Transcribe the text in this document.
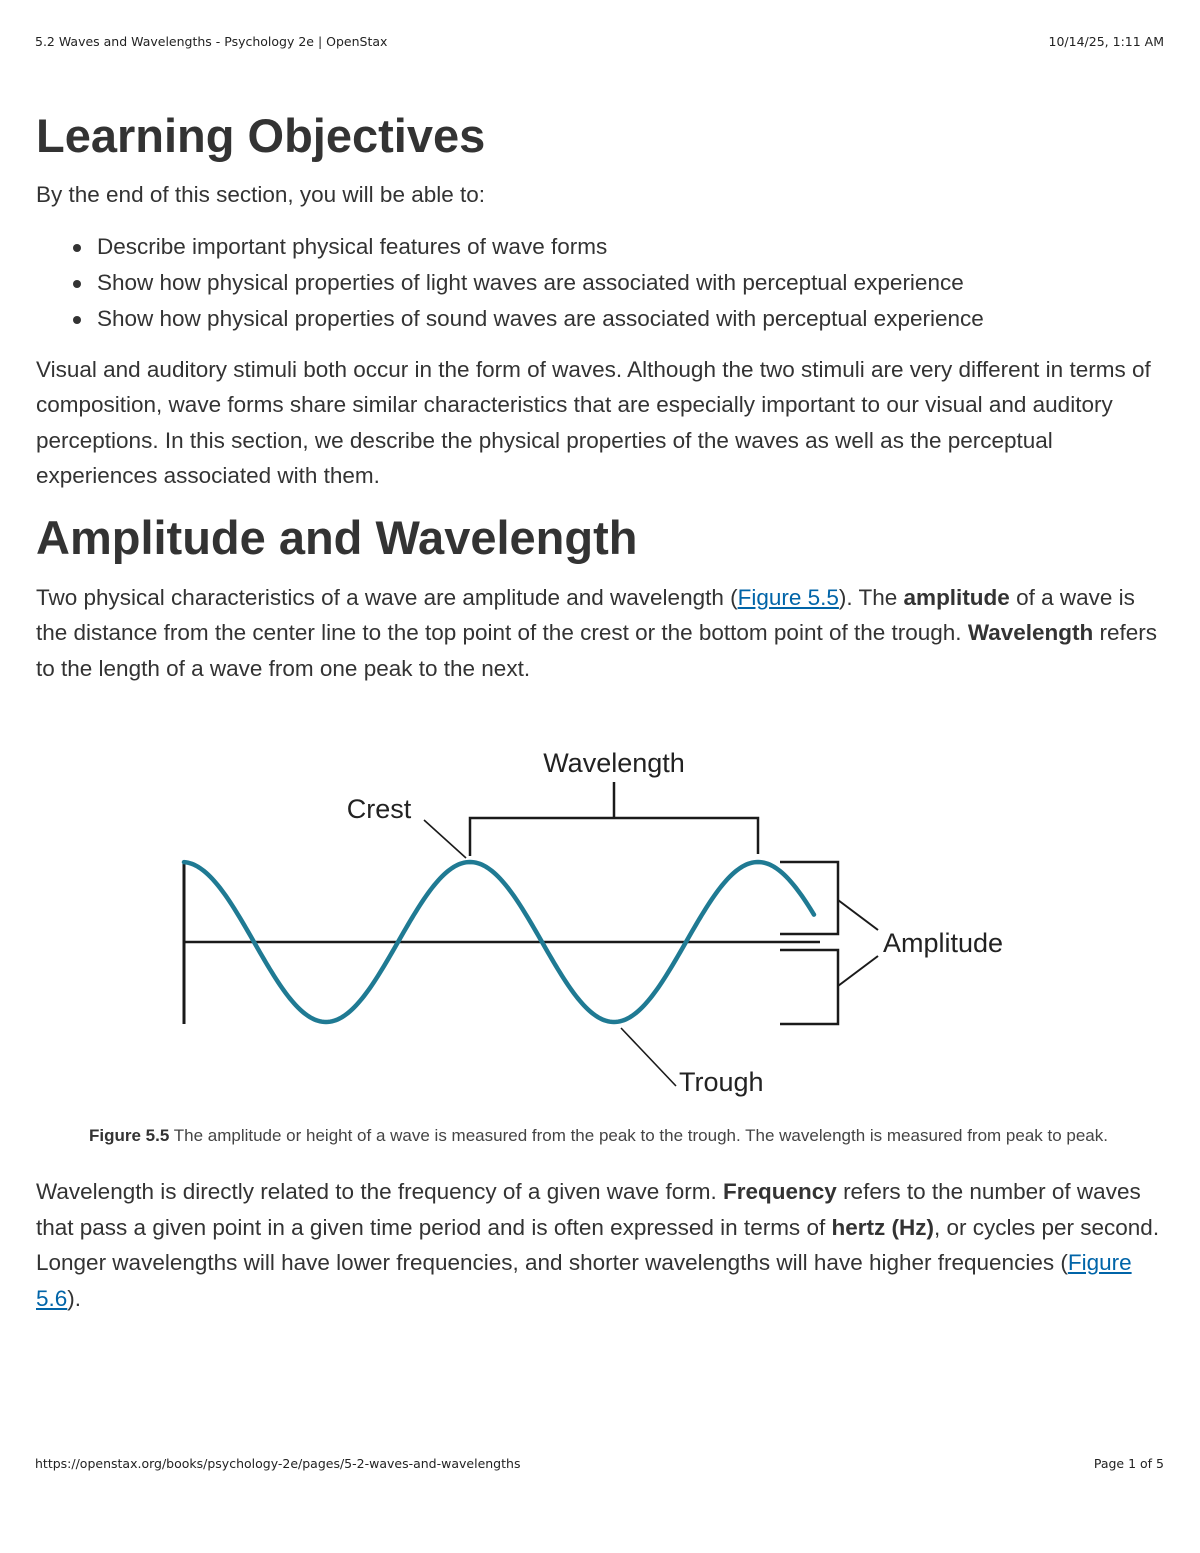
5.2 Waves and Wavelengths - Psychology 2e | OpenStax	10/14/25, 1:11 AM
Learning Objectives

By the end of this section, you will be able to:

Describe important physical features of wave forms
Show how physical properties of light waves are associated with perceptual experience
Show how physical properties of sound waves are associated with perceptual experience

Visual and auditory stimuli both occur in the form of waves. Although the two stimuli are very different in terms of composition, wave forms share similar characteristics that are especially important to our visual and auditory perceptions. In this section, we describe the physical properties of the waves as well as the perceptual experiences associated with them.

Amplitude and Wavelength

Two physical characteristics of a wave are amplitude and wavelength (Figure 5.5). The amplitude of a wave is the distance from the center line to the top point of the crest or the bottom point of the trough. Wavelength refers to the length of a wave from one peak to the next.

Wavelength
Crest
Amplitude
Trough
Figure 5.5 The amplitude or height of a wave is measured from the peak to the trough. The wavelength is measured from peak to peak.

Wavelength is directly related to the frequency of a given wave form. Frequency refers to the number of waves that pass a given point in a given time period and is often expressed in terms of hertz (Hz), or cycles per second. Longer wavelengths will have lower frequencies, and shorter wavelengths will have higher frequencies (Figure 5.6).

https://openstax.org/books/psychology-2e/pages/5-2-waves-and-wavelengths	Page 1 of 5
